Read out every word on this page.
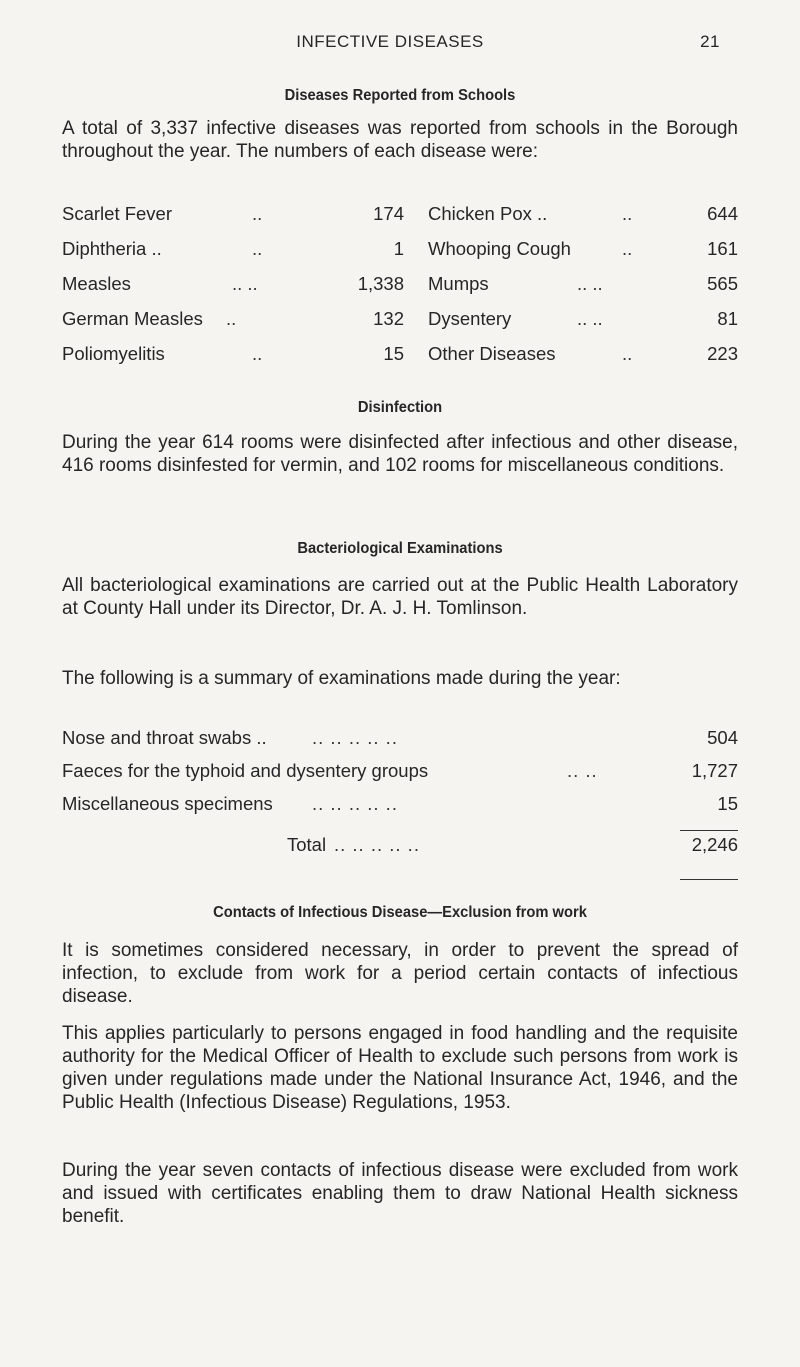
INFECTIVE DISEASES	21
Diseases Reported from Schools

A total of 3,337 infective diseases was reported from schools in the Borough throughout the year. The numbers of each disease were:

Scarlet Fever	..	174 Chicken Pox ..	..	644
Diphtheria ..	..	1 Whooping Cough	..	161
Measles	.. ..	1,338 Mumps	.. ..	565
German Measles ..	132 Dysentery	.. ..	81
Poliomyelitis	..	15 Other Diseases	..	223
Disinfection

During the year 614 rooms were disinfected after infectious and other disease, 416 rooms disinfested for vermin, and 102 rooms for miscellaneous conditions.

Bacteriological Examinations

All bacteriological examinations are carried out at the Public Health Laboratory at County Hall under its Director, Dr. A. J. H. Tomlinson.

The following is a summary of examinations made during the year:

Nose and throat swabs .. .. .. .. .. ..	504
Faeces for the typhoid and dysentery groups	.. ..	1,727
Miscellaneous specimens .. .. .. .. ..	15
Total .. .. .. .. ..	2,246
Contacts of Infectious Disease—Exclusion from work

It is sometimes considered necessary, in order to prevent the spread of infection, to exclude from work for a period certain contacts of infectious disease.

This applies particularly to persons engaged in food handling and the requisite authority for the Medical Officer of Health to exclude such persons from work is given under regulations made under the National Insurance Act, 1946, and the Public Health (Infectious Disease) Regulations, 1953.

During the year seven contacts of infectious disease were excluded from work and issued with certificates enabling them to draw National Health sickness benefit.
